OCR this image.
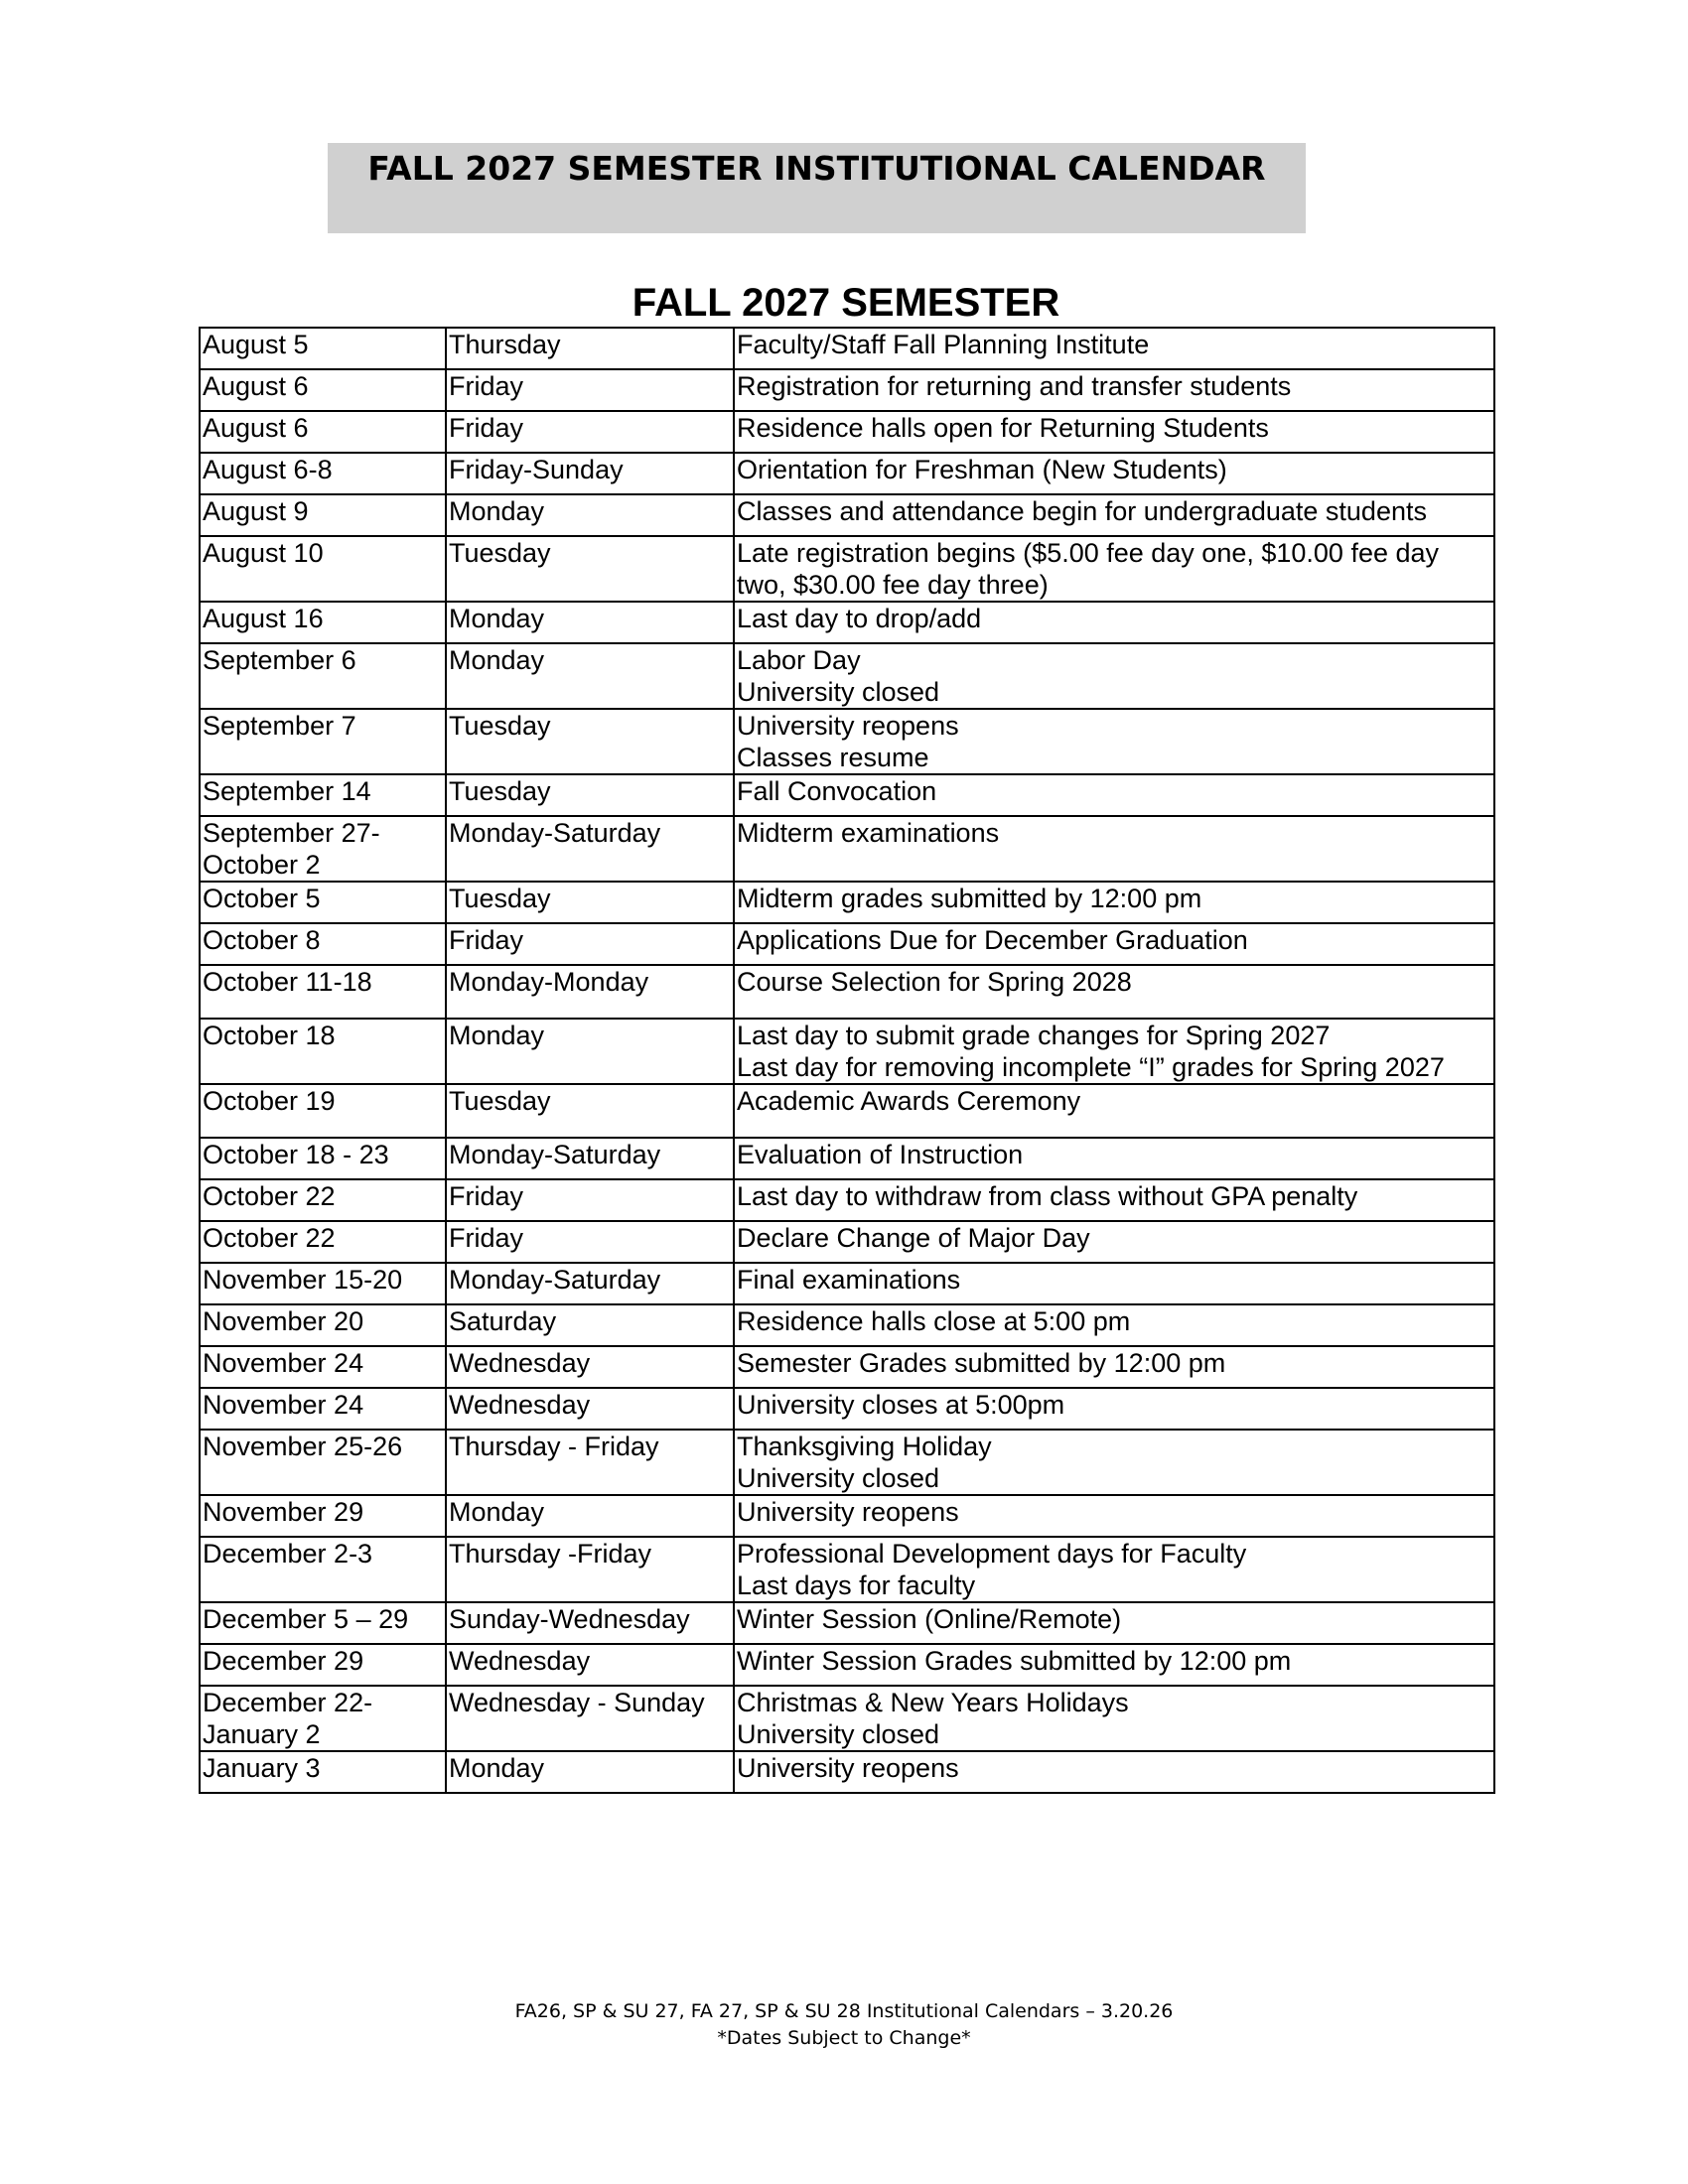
FALL 2027 SEMESTER INSTITUTIONAL CALENDAR
FALL 2027 SEMESTER
August 5	Thursday	Faculty/Staff Fall Planning Institute
August 6	Friday	Registration for returning and transfer students
August 6	Friday	Residence halls open for Returning Students
August 6-8	Friday-Sunday	Orientation for Freshman (New Students)
August 9	Monday	Classes and attendance begin for undergraduate students
August 10	Tuesday	Late registration begins ($5.00 fee day one, $10.00 fee day two, $30.00 fee day three)
August 16	Monday	Last day to drop/add
September 6	Monday	Labor Day
University closed
September 7	Tuesday	University reopens
Classes resume
September 14	Tuesday	Fall Convocation
September 27-
October 2	Monday-Saturday	Midterm examinations
October 5	Tuesday	Midterm grades submitted by 12:00 pm
October 8	Friday	Applications Due for December Graduation
October 11-18	Monday-Monday	Course Selection for Spring 2028
October 18	Monday	Last day to submit grade changes for Spring 2027
Last day for removing incomplete “I” grades for Spring 2027
October 19	Tuesday	Academic Awards Ceremony
October 18 - 23	Monday-Saturday	Evaluation of Instruction
October 22	Friday	Last day to withdraw from class without GPA penalty
October 22	Friday	Declare Change of Major Day
November 15-20	Monday-Saturday	Final examinations
November 20	Saturday	Residence halls close at 5:00 pm
November 24	Wednesday	Semester Grades submitted by 12:00 pm
November 24	Wednesday	University closes at 5:00pm
November 25-26	Thursday - Friday	Thanksgiving Holiday
University closed
November 29	Monday	University reopens
December 2-3	Thursday -Friday	Professional Development days for Faculty
Last days for faculty
December 5 – 29	Sunday-Wednesday	Winter Session (Online/Remote)
December 29	Wednesday	Winter Session Grades submitted by 12:00 pm
December 22-
January 2	Wednesday - Sunday	Christmas & New Years Holidays
University closed
January 3	Monday	University reopens
FA26, SP & SU 27, FA 27, SP & SU 28 Institutional Calendars – 3.20.26
*Dates Subject to Change*
